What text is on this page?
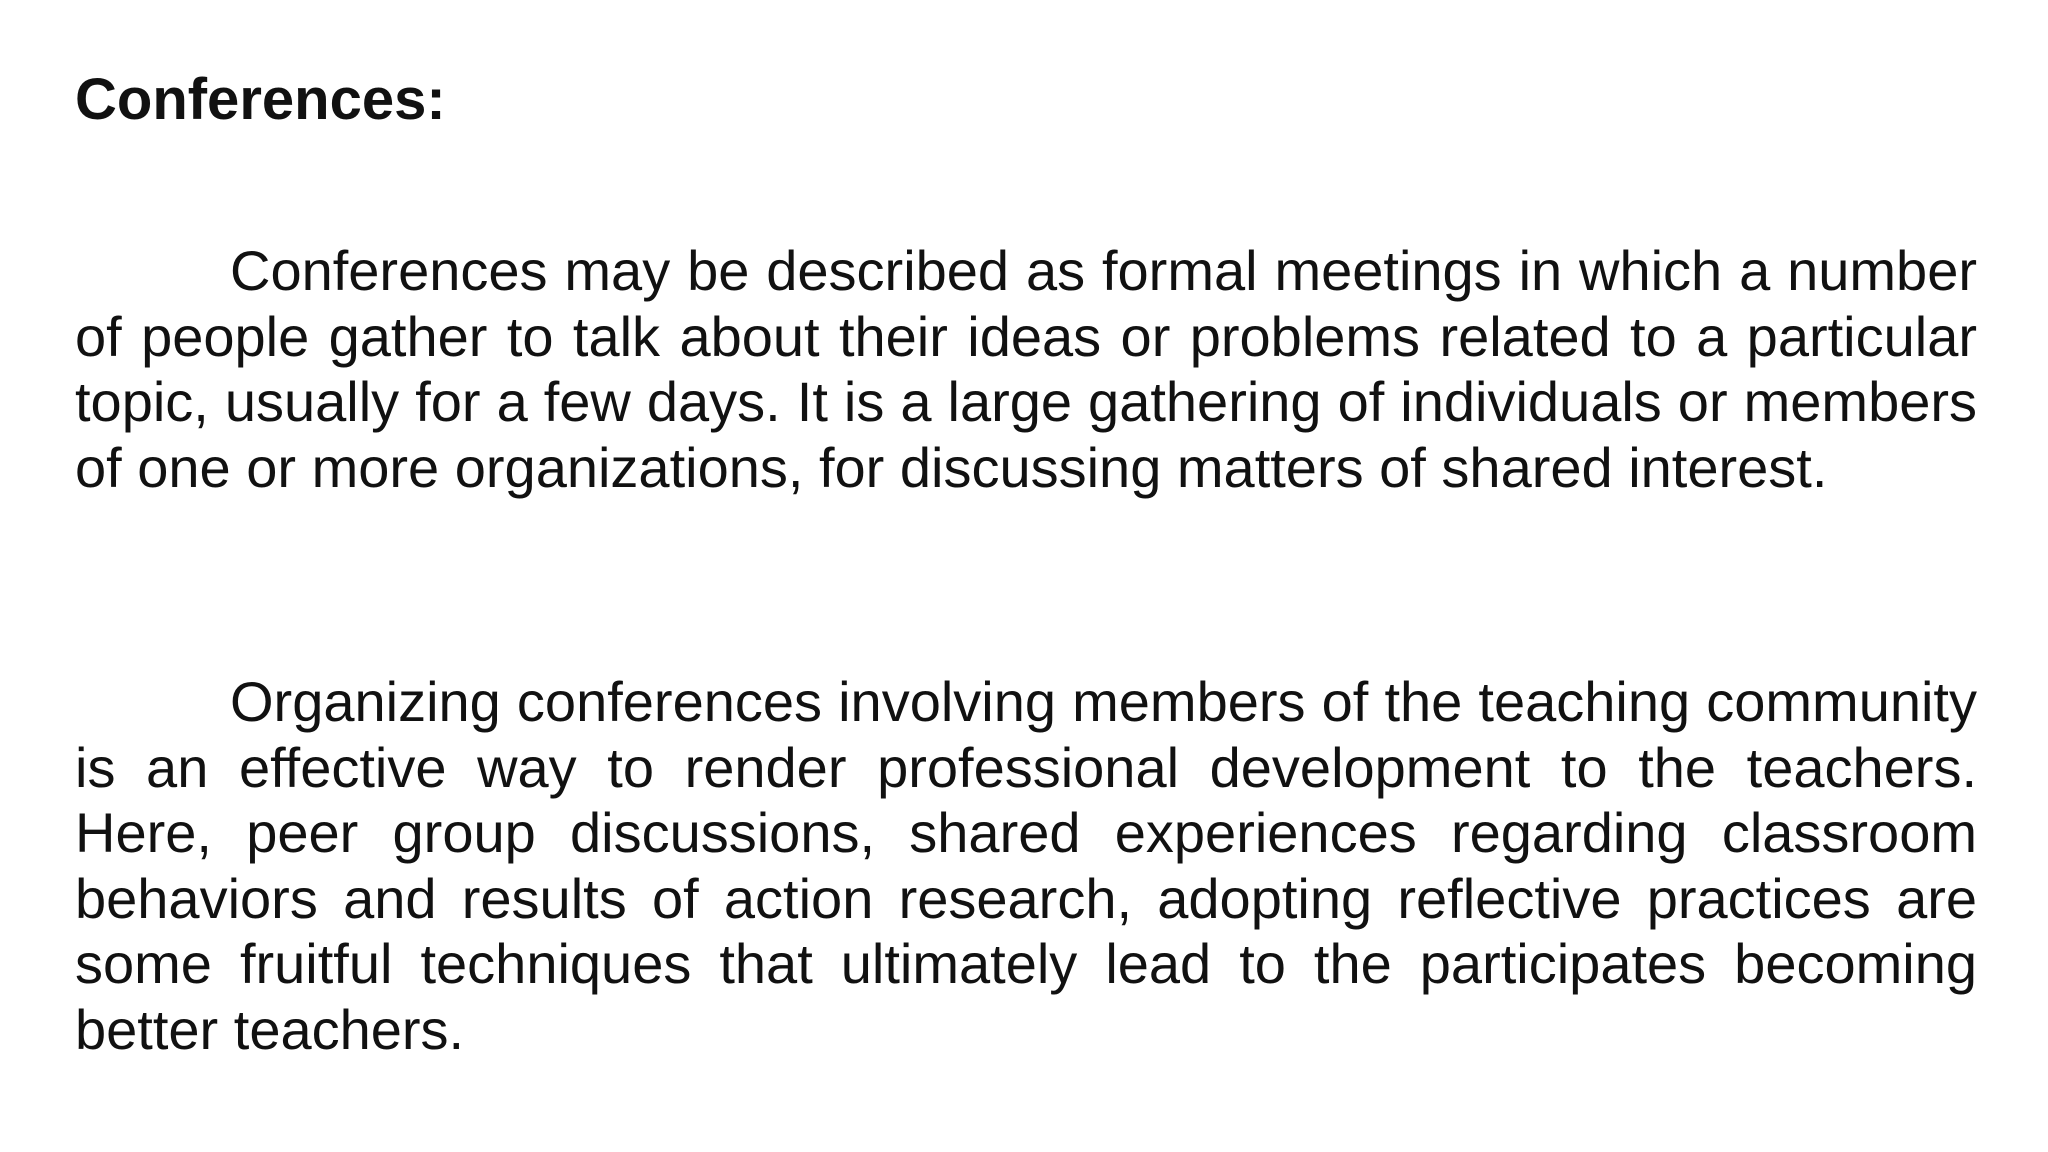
Conferences:

Conferences may be described as formal meetings in which a number of people gather to talk about their ideas or problems related to a particular topic, usually for a few days. It is a large gathering of individuals or members of one or more organizations, for discussing matters of shared interest.

Organizing conferences involving members of the teaching community is an effective way to render professional development to the teachers. Here, peer group discussions, shared experiences regarding classroom behaviors and results of action research, adopting reflective practices are some fruitful techniques that ultimately lead to the participates becoming better teachers.
